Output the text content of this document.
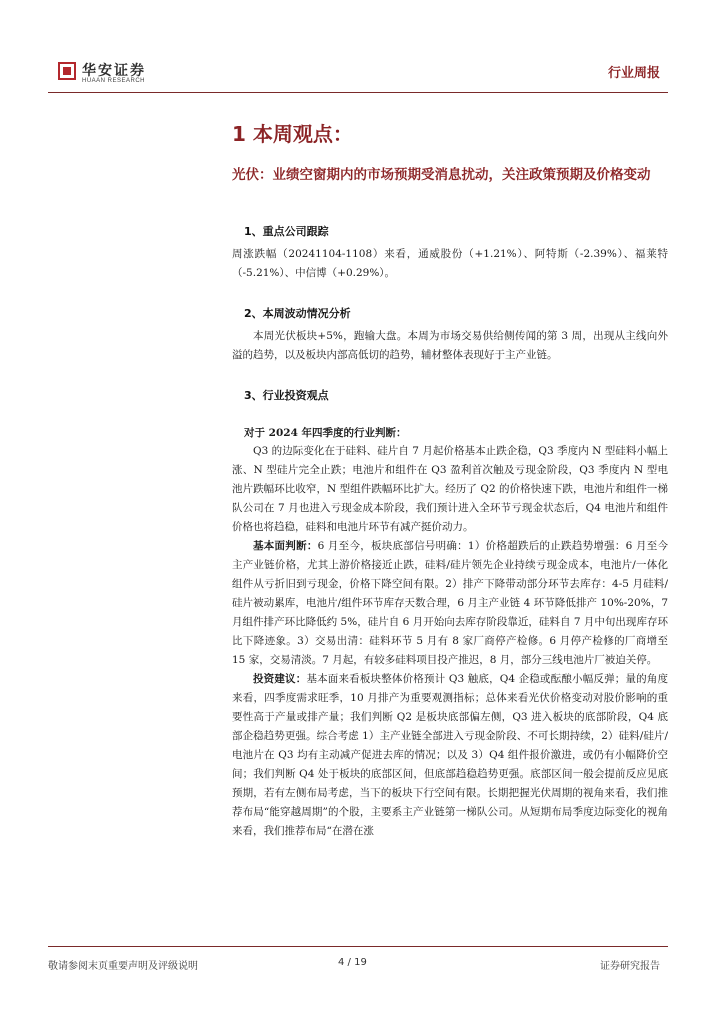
华安证券
HUAAN RESEARCH	行业周报
1 本周观点：
光伏：业绩空窗期内的市场预期受消息扰动，关注政策预期及价格变动
1、重点公司跟踪

周涨跌幅（20241104-1108）来看，通威股份（+1.21%）、阿特斯（-2.39%）、福莱特（-5.21%）、中信博（+0.29%）。

2、本周波动情况分析

本周光伏板块+5%，跑输大盘。本周为市场交易供给侧传闻的第 3 周，出现从主线向外溢的趋势，以及板块内部高低切的趋势，辅材整体表现好于主产业链。

3、行业投资观点
对于 2024 年四季度的行业判断：

Q3 的边际变化在于硅料、硅片自 7 月起价格基本止跌企稳，Q3 季度内 N 型硅料小幅上涨、N 型硅片完全止跌；电池片和组件在 Q3 盈利首次触及亏现金阶段，Q3 季度内 N 型电池片跌幅环比收窄，N 型组件跌幅环比扩大。经历了 Q2 的价格快速下跌，电池片和组件一梯队公司在 7 月也进入亏现金成本阶段，我们预计进入全环节亏现金状态后，Q4 电池片和组件价格也将趋稳，硅料和电池片环节有减产挺价动力。

基本面判断：6 月至今，板块底部信号明确：1）价格超跌后的止跌趋势增强：6 月至今主产业链价格，尤其上游价格接近止跌，硅料/硅片领先企业持续亏现金成本，电池片/一体化组件从亏折旧到亏现金，价格下降空间有限。2）排产下降带动部分环节去库存：4-5 月硅料/硅片被动累库，电池片/组件环节库存天数合理，6 月主产业链 4 环节降低排产 10%-20%，7 月组件排产环比降低约 5%，硅片自 6 月开始向去库存阶段靠近，硅料自 7 月中旬出现库存环比下降迹象。3）交易出清：硅料环节 5 月有 8 家厂商停产检修。6 月停产检修的厂商增至 15 家，交易清淡。7 月起，有较多硅料项目投产推迟，8 月，部分三线电池片厂被迫关停。

投资建议：基本面来看板块整体价格预计 Q3 触底，Q4 企稳或酝酿小幅反弹；量的角度来看，四季度需求旺季，10 月排产为重要观测指标；总体来看光伏价格变动对股价影响的重要性高于产量或排产量；我们判断 Q2 是板块底部偏左侧，Q3 进入板块的底部阶段，Q4 底部企稳趋势更强。综合考虑 1）主产业链全部进入亏现金阶段、不可长期持续，2）硅料/硅片/电池片在 Q3 均有主动减产促进去库的情况；以及 3）Q4 组件报价激进，或仍有小幅降价空间；我们判断 Q4 处于板块的底部区间，但底部趋稳趋势更强。底部区间一般会提前反应见底预期，若有左侧布局考虑，当下的板块下行空间有限。长期把握光伏周期的视角来看，我们推荐布局“能穿越周期”的个股，主要系主产业链第一梯队公司。从短期布局季度边际变化的视角来看，我们推荐布局“在潜在涨

敬请参阅末页重要声明及评级说明	4 / 19	证券研究报告
